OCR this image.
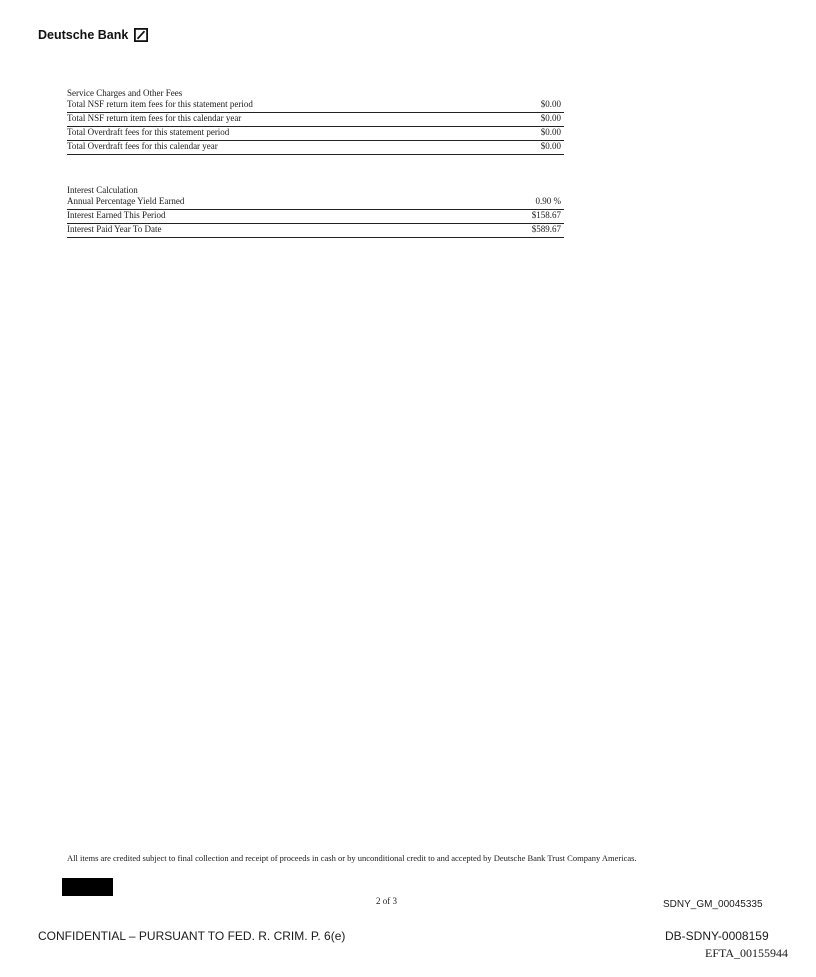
Deutsche Bank
Service Charges and Other Fees
Total NSF return item fees for this statement period	$0.00
Total NSF return item fees for this calendar year	$0.00
Total Overdraft fees for this statement period	$0.00
Total Overdraft fees for this calendar year	$0.00
Interest Calculation
Annual Percentage Yield Earned	0.90 %
Interest Earned This Period	$158.67
Interest Paid Year To Date	$589.67
All items are credited subject to final collection and receipt of proceeds in cash or by unconditional credit to and accepted by Deutsche Bank Trust Company Americas.
2 of 3	SDNY_GM_00045335
CONFIDENTIAL – PURSUANT TO FED. R. CRIM. P. 6(e)	DB-SDNY-0008159
EFTA_00155944
